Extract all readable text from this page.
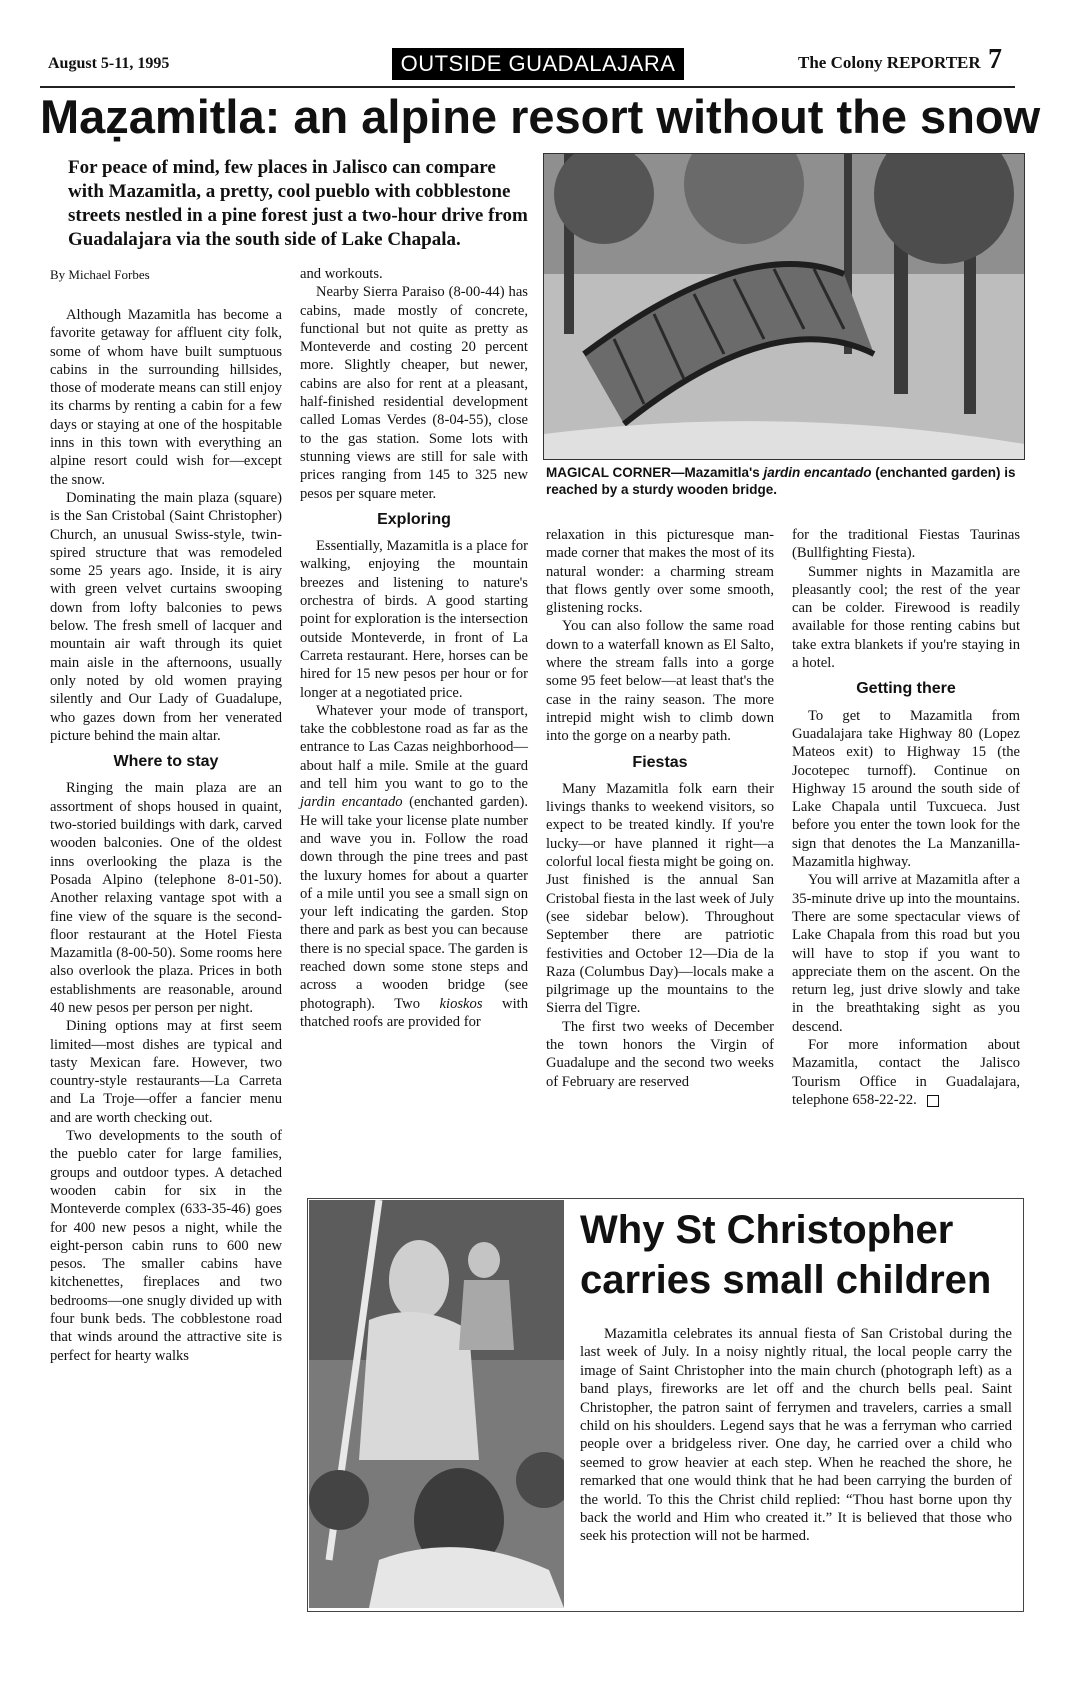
August 5-11, 1995	OUTSIDE GUADALAJARA	The Colony REPORTER 7
Maẓamitla: an alpine resort without the snow
For peace of mind, few places in Jalisco can compare with Mazamitla, a pretty, cool pueblo with cobblestone streets nestled in a pine forest just a two-hour drive from Guadalajara via the south side of Lake Chapala.
By Michael Forbes

Although Mazamitla has become a favorite getaway for affluent city folk, some of whom have built sumptuous cabins in the surrounding hillsides, those of moderate means can still enjoy its charms by renting a cabin for a few days or staying at one of the hospitable inns in this town with everything an alpine resort could wish for—except the snow.

Dominating the main plaza (square) is the San Cristobal (Saint Christopher) Church, an unusual Swiss-style, twin-spired structure that was remodeled some 25 years ago. Inside, it is airy with green velvet curtains swooping down from lofty balconies to pews below. The fresh smell of lacquer and mountain air waft through its quiet main aisle in the afternoons, usually only noted by old women praying silently and Our Lady of Guadalupe, who gazes down from her venerated picture behind the main altar.

Where to stay

Ringing the main plaza are an assortment of shops housed in quaint, two-storied buildings with dark, carved wooden balconies. One of the oldest inns overlooking the plaza is the Posada Alpino (telephone 8-01-50). Another relaxing vantage spot with a fine view of the square is the second-floor restaurant at the Hotel Fiesta Mazamitla (8-00-50). Some rooms here also overlook the plaza. Prices in both establishments are reasonable, around 40 new pesos per person per night.

Dining options may at first seem limited—most dishes are typical and tasty Mexican fare. However, two country-style restaurants—La Carreta and La Troje—offer a fancier menu and are worth checking out.

Two developments to the south of the pueblo cater for large families, groups and outdoor types. A detached wooden cabin for six in the Monteverde complex (633-35-46) goes for 400 new pesos a night, while the eight-person cabin runs to 600 new pesos. The smaller cabins have kitchenettes, fireplaces and two bedrooms—one snugly divided up with four bunk beds. The cobblestone road that winds around the attractive site is perfect for hearty walks

and workouts.

Nearby Sierra Paraiso (8-00-44) has cabins, made mostly of concrete, functional but not quite as pretty as Monteverde and costing 20 percent more. Slightly cheaper, but newer, cabins are also for rent at a pleasant, half-finished residential development called Lomas Verdes (8-04-55), close to the gas station. Some lots with stunning views are still for sale with prices ranging from 145 to 325 new pesos per square meter.

Exploring

Essentially, Mazamitla is a place for walking, enjoying the mountain breezes and listening to nature's orchestra of birds. A good starting point for exploration is the intersection outside Monteverde, in front of La Carreta restaurant. Here, horses can be hired for 15 new pesos per hour or for longer at a negotiated price.

Whatever your mode of transport, take the cobblestone road as far as the entrance to Las Cazas neighborhood—about half a mile. Smile at the guard and tell him you want to go to the jardin encantado (enchanted garden). He will take your license plate number and wave you in. Follow the road down through the pine trees and past the luxury homes for about a quarter of a mile until you see a small sign on your left indicating the garden. Stop there and park as best you can because there is no special space. The garden is reached down some stone steps and across a wooden bridge (see photograph). Two kioskos with thatched roofs are provided for

MAGICAL CORNER—Mazamitla's jardin encantado (enchanted garden) is reached by a sturdy wooden bridge.

relaxation in this picturesque man-made corner that makes the most of its natural wonder: a charming stream that flows gently over some smooth, glistening rocks.

You can also follow the same road down to a waterfall known as El Salto, where the stream falls into a gorge some 95 feet below—at least that's the case in the rainy season. The more intrepid might wish to climb down into the gorge on a nearby path.

Fiestas

Many Mazamitla folk earn their livings thanks to weekend visitors, so expect to be treated kindly. If you're lucky—or have planned it right—a colorful local fiesta might be going on. Just finished is the annual San Cristobal fiesta in the last week of July (see sidebar below). Throughout September there are patriotic festivities and October 12—Dia de la Raza (Columbus Day)—locals make a pilgrimage up the mountains to the Sierra del Tigre.

The first two weeks of December the town honors the Virgin of Guadalupe and the second two weeks of February are reserved

for the traditional Fiestas Taurinas (Bullfighting Fiesta).

Summer nights in Mazamitla are pleasantly cool; the rest of the year can be colder. Firewood is readily available for those renting cabins but take extra blankets if you're staying in a hotel.

Getting there

To get to Mazamitla from Guadalajara take Highway 80 (Lopez Mateos exit) to Highway 15 (the Jocotepec turnoff). Continue on Highway 15 around the south side of Lake Chapala until Tuxcueca. Just before you enter the town look for the sign that denotes the La Manzanilla-Mazamitla highway.

You will arrive at Mazamitla after a 35-minute drive up into the mountains. There are some spectacular views of Lake Chapala from this road but you will have to stop if you want to appreciate them on the ascent. On the return leg, just drive slowly and take in the breathtaking sight as you descend.

For more information about Mazamitla, contact the Jalisco Tourism Office in Guadalajara, telephone 658-22-22.

Why St Christopher
carries small children

Mazamitla celebrates its annual fiesta of San Cristobal during the last week of July. In a noisy nightly ritual, the local people carry the image of Saint Christopher into the main church (photograph left) as a band plays, fireworks are let off and the church bells peal. Saint Christopher, the patron saint of ferrymen and travelers, carries a small child on his shoulders. Legend says that he was a ferryman who carried people over a bridgeless river. One day, he carried over a child who seemed to grow heavier at each step. When he reached the shore, he remarked that one would think that he had been carrying the burden of the world. To this the Christ child replied: “Thou hast borne upon thy back the world and Him who created it.” It is believed that those who seek his protection will not be harmed.
